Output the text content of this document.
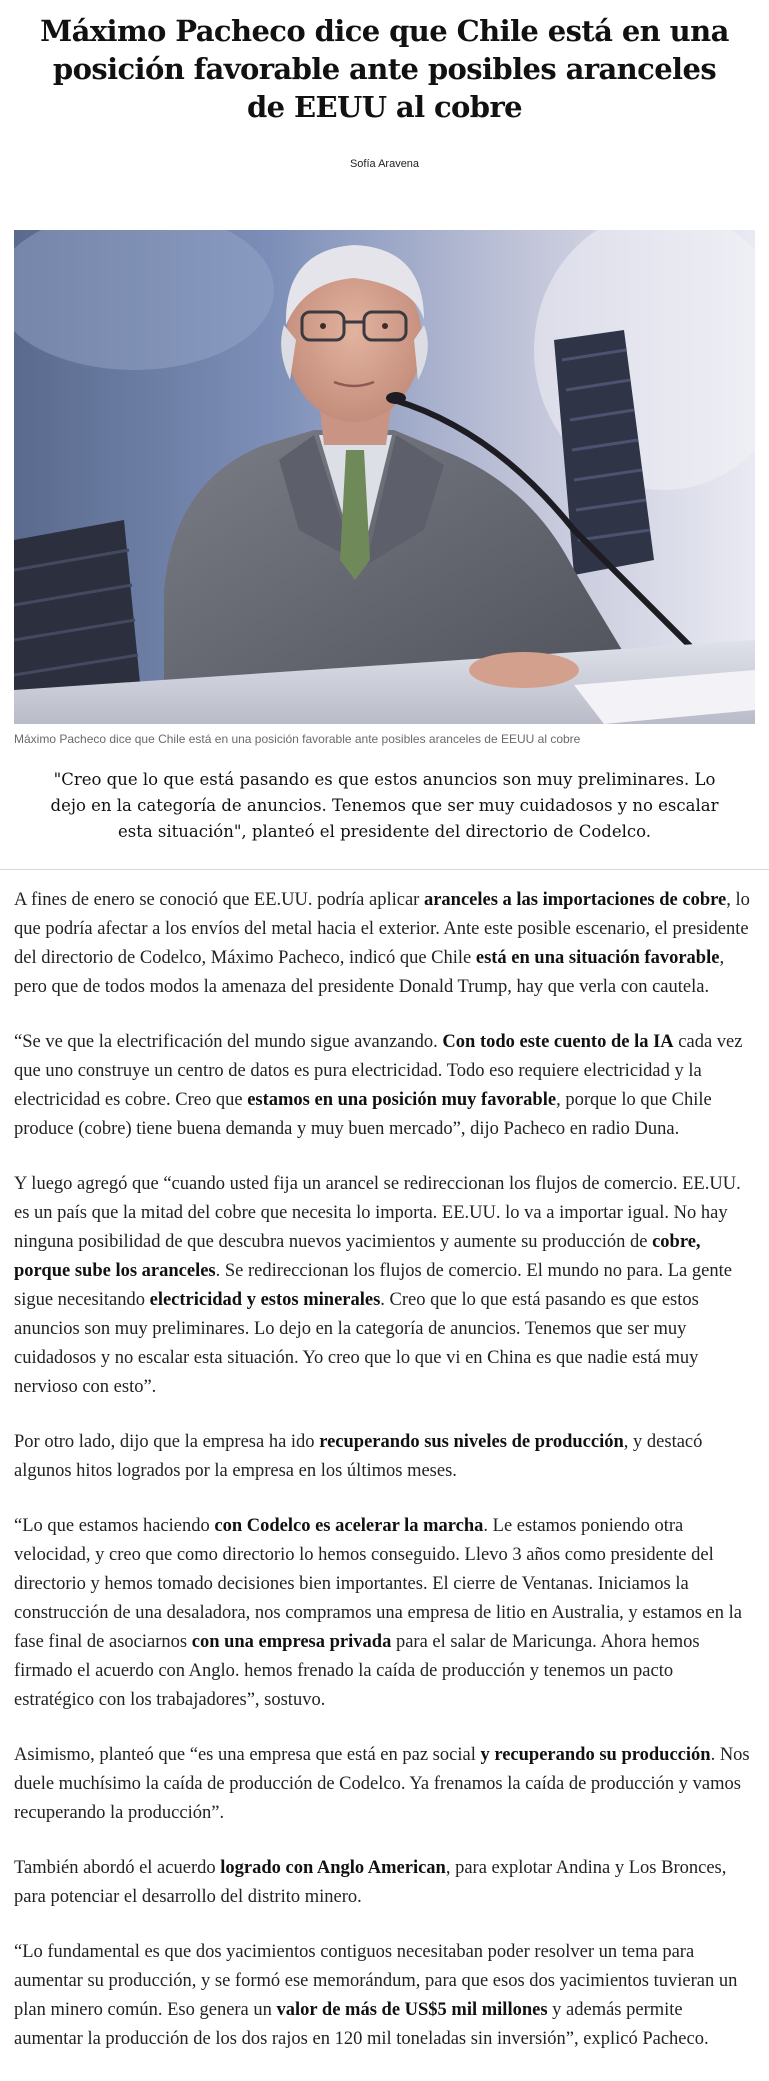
Máximo Pacheco dice que Chile está en una posición favorable ante posibles aranceles de EEUU al cobre
Sofía Aravena
Máximo Pacheco dice que Chile está en una posición favorable ante posibles aranceles de EEUU al cobre
"Creo que lo que está pasando es que estos anuncios son muy preliminares. Lo dejo en la categoría de anuncios. Tenemos que ser muy cuidadosos y no escalar esta situación", planteó el presidente del directorio de Codelco.

A fines de enero se conoció que EE.UU. podría aplicar aranceles a las importaciones de cobre, lo que podría afectar a los envíos del metal hacia el exterior. Ante este posible escenario, el presidente del directorio de Codelco, Máximo Pacheco, indicó que Chile está en una situación favorable, pero que de todos modos la amenaza del presidente Donald Trump, hay que verla con cautela.

“Se ve que la electrificación del mundo sigue avanzando. Con todo este cuento de la IA cada vez que uno construye un centro de datos es pura electricidad. Todo eso requiere electricidad y la electricidad es cobre. Creo que estamos en una posición muy favorable, porque lo que Chile produce (cobre) tiene buena demanda y muy buen mercado”, dijo Pacheco en radio Duna.

Y luego agregó que “cuando usted fija un arancel se redireccionan los flujos de comercio. EE.UU. es un país que la mitad del cobre que necesita lo importa. EE.UU. lo va a importar igual. No hay ninguna posibilidad de que descubra nuevos yacimientos y aumente su producción de cobre, porque sube los aranceles. Se redireccionan los flujos de comercio. El mundo no para. La gente sigue necesitando electricidad y estos minerales. Creo que lo que está pasando es que estos anuncios son muy preliminares. Lo dejo en la categoría de anuncios. Tenemos que ser muy cuidadosos y no escalar esta situación. Yo creo que lo que vi en China es que nadie está muy nervioso con esto”.

Por otro lado, dijo que la empresa ha ido recuperando sus niveles de producción, y destacó algunos hitos logrados por la empresa en los últimos meses.

“Lo que estamos haciendo con Codelco es acelerar la marcha. Le estamos poniendo otra velocidad, y creo que como directorio lo hemos conseguido. Llevo 3 años como presidente del directorio y hemos tomado decisiones bien importantes. El cierre de Ventanas. Iniciamos la construcción de una desaladora, nos compramos una empresa de litio en Australia, y estamos en la fase final de asociarnos con una empresa privada para el salar de Maricunga. Ahora hemos firmado el acuerdo con Anglo. hemos frenado la caída de producción y tenemos un pacto estratégico con los trabajadores”, sostuvo.

Asimismo, planteó que “es una empresa que está en paz social y recuperando su producción. Nos duele muchísimo la caída de producción de Codelco. Ya frenamos la caída de producción y vamos recuperando la producción”.

También abordó el acuerdo logrado con Anglo American, para explotar Andina y Los Bronces, para potenciar el desarrollo del distrito minero.

“Lo fundamental es que dos yacimientos contiguos necesitaban poder resolver un tema para aumentar su producción, y se formó ese memorándum, para que esos dos yacimientos tuvieran un plan minero común. Eso genera un valor de más de US$5 mil millones y además permite aumentar la producción de los dos rajos en 120 mil toneladas sin inversión”, explicó Pacheco.
